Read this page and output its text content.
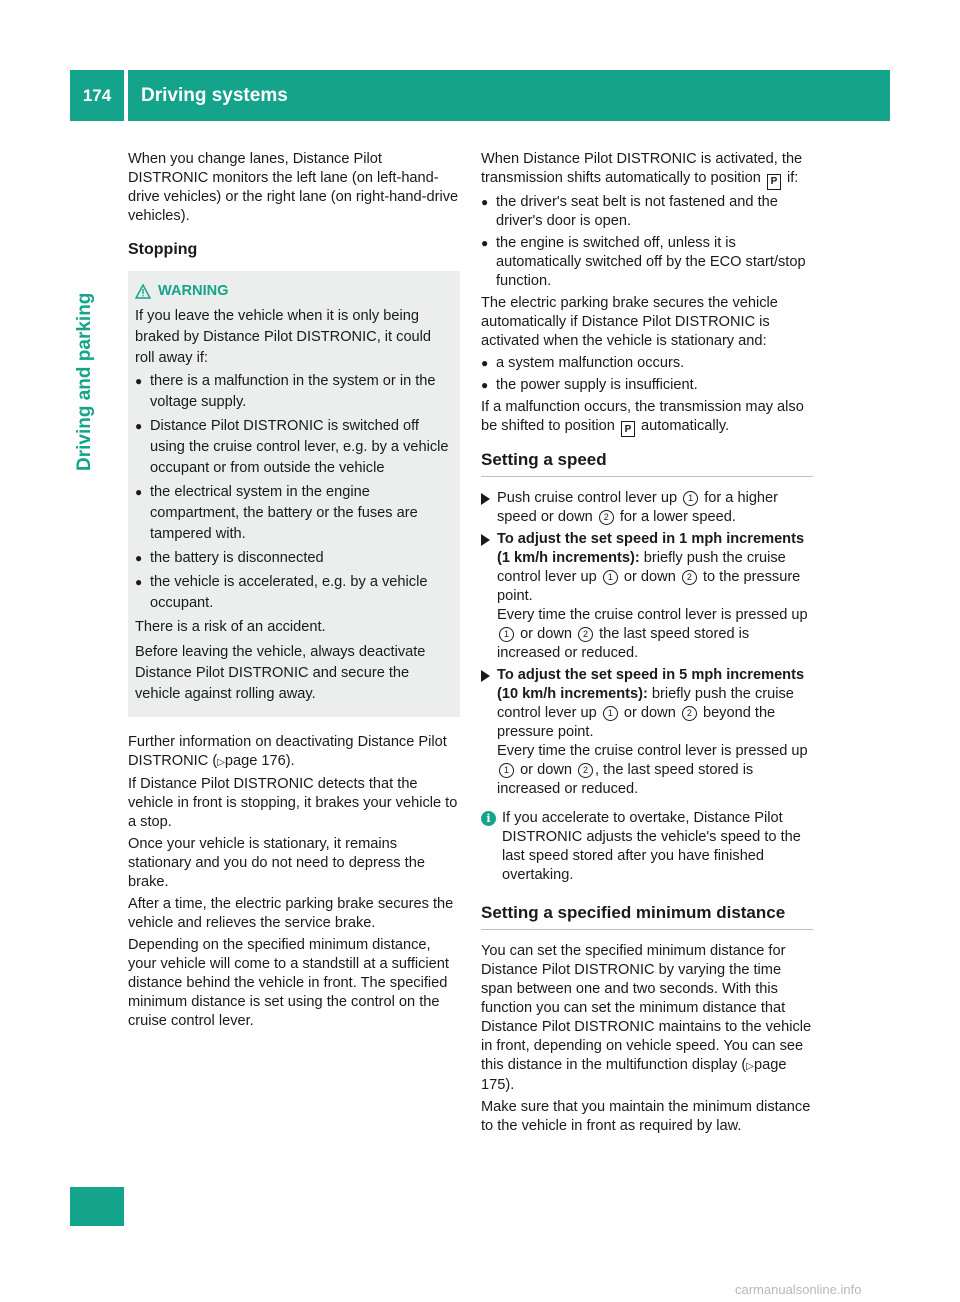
174	Driving systems
Driving and parking

When you change lanes, Distance Pilot DISTRONIC monitors the left lane (on left-hand-drive vehicles) or the right lane (on right-hand-drive vehicles).

Stopping
WARNING

If you leave the vehicle when it is only being braked by Distance Pilot DISTRONIC, it could roll away if:

● there is a malfunction in the system or in the voltage supply.
● Distance Pilot DISTRONIC is switched off using the cruise control lever, e.g. by a vehicle occupant or from outside the vehicle
● the electrical system in the engine compartment, the battery or the fuses are tampered with.
● the battery is disconnected
● the vehicle is accelerated, e.g. by a vehicle occupant.

There is a risk of an accident.

Before leaving the vehicle, always deactivate Distance Pilot DISTRONIC and secure the vehicle against rolling away.

Further information on deactivating Distance Pilot DISTRONIC (▷page 176).

If Distance Pilot DISTRONIC detects that the vehicle in front is stopping, it brakes your vehicle to a stop.

Once your vehicle is stationary, it remains stationary and you do not need to depress the brake.

After a time, the electric parking brake secures the vehicle and relieves the service brake.

Depending on the specified minimum distance, your vehicle will come to a standstill at a sufficient distance behind the vehicle in front. The specified minimum distance is set using the control on the cruise control lever.

When Distance Pilot DISTRONIC is activated, the transmission shifts automatically to position P if:

● the driver's seat belt is not fastened and the driver's door is open.
● the engine is switched off, unless it is automatically switched off by the ECO start/stop function.

The electric parking brake secures the vehicle automatically if Distance Pilot DISTRONIC is activated when the vehicle is stationary and:

● a system malfunction occurs.
● the power supply is insufficient.

If a malfunction occurs, the transmission may also be shifted to position P automatically.

Setting a speed
Push cruise control lever up 1 for a higher speed or down 2 for a lower speed.
To adjust the set speed in 1 mph increments (1 km/h increments): briefly push the cruise control lever up 1 or down 2 to the pressure point.
Every time the cruise control lever is pressed up 1 or down 2 the last speed stored is increased or reduced.
To adjust the set speed in 5 mph increments (10 km/h increments): briefly push the cruise control lever up 1 or down 2 beyond the pressure point.
Every time the cruise control lever is pressed up 1 or down 2 , the last speed stored is increased or reduced.
i If you accelerate to overtake, Distance Pilot DISTRONIC adjusts the vehicle's speed to the last speed stored after you have finished overtaking.
Setting a specified minimum distance

You can set the specified minimum distance for Distance Pilot DISTRONIC by varying the time span between one and two seconds. With this function you can set the minimum distance that Distance Pilot DISTRONIC maintains to the vehicle in front, depending on vehicle speed. You can see this distance in the multifunction display (▷page 175).

Make sure that you maintain the minimum distance to the vehicle in front as required by law.

carmanualsonline.info
